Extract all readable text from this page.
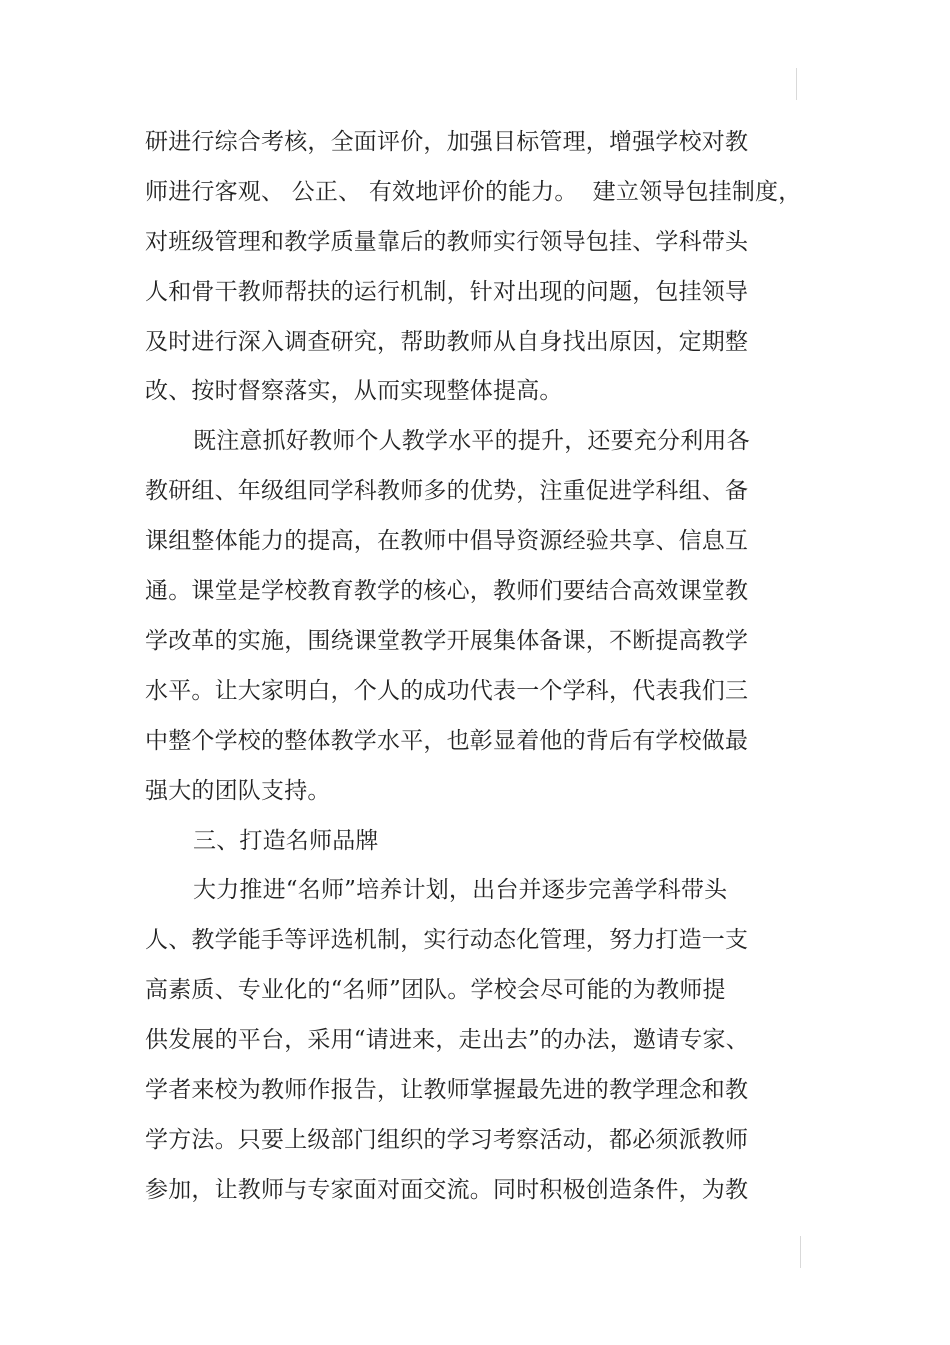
研进行综合考核，全面评价，加强目标管理，增强学校对教
师进行客观、 公正、 有效地评价的能力。  建立领导包挂制度，
对班级管理和教学质量靠后的教师实行领导包挂、学科带头
人和骨干教师帮扶的运行机制，针对出现的问题，包挂领导
及时进行深入调查研究，帮助教师从自身找出原因，定期整
改、按时督察落实，从而实现整体提高。
既注意抓好教师个人教学水平的提升，还要充分利用各
教研组、年级组同学科教师多的优势，注重促进学科组、备
课组整体能力的提高，在教师中倡导资源经验共享、信息互
通。课堂是学校教育教学的核心，教师们要结合高效课堂教
学改革的实施，围绕课堂教学开展集体备课，不断提高教学
水平。让大家明白，个人的成功代表一个学科，代表我们三
中整个学校的整体教学水平，也彰显着他的背后有学校做最
强大的团队支持。
三、打造名师品牌
大力推进“名师”培养计划，出台并逐步完善学科带头
人、教学能手等评选机制，实行动态化管理，努力打造一支
高素质、专业化的“名师”团队。学校会尽可能的为教师提
供发展的平台，采用“请进来，走出去”的办法，邀请专家、
学者来校为教师作报告，让教师掌握最先进的教学理念和教
学方法。只要上级部门组织的学习考察活动，都必须派教师
参加，让教师与专家面对面交流。同时积极创造条件，为教
